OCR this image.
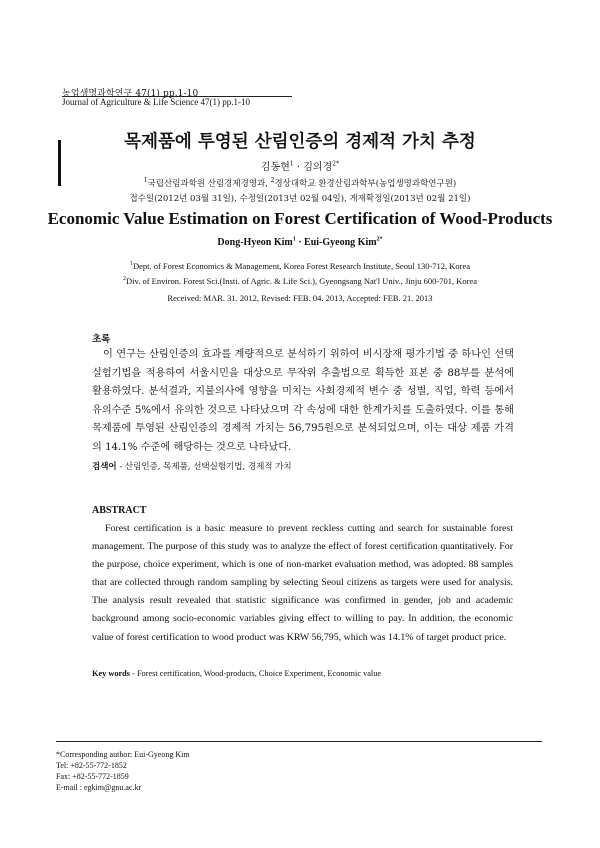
농업생명과학연구 47(1) pp.1-10
Journal of Agriculture & Life Science 47(1) pp.1-10
목제품에 투영된 산림인증의 경제적 가치 추정
김동현$^1$ · 김의경$^{2*}$
$^1$국립산림과학원 산림경제경영과, $^2$경상대학교 환경산림과학부(농업생명과학연구원)
접수일(2012년 03월 31일), 수정일(2013년 02월 04일), 게재확정일(2013년 02월 21일)
Economic Value Estimation on Forest Certification of Wood-Products
Dong-Hyeon Kim$^1$ · Eui-Gyeong Kim$^{2*}$
$^1$Dept. of Forest Economics & Management, Korea Forest Research Institute, Seoul 130-712, Korea
$^2$Div. of Environ. Forest Sci.(Insti. of Agric. & Life Sci.), Gyeongsang Nat'l Univ., Jinju 600-701, Korea
Received: MAR. 31. 2012, Revised: FEB. 04. 2013, Accepted: FEB. 21. 2013
초록
이 연구는 산림인증의 효과를 계량적으로 분석하기 위하여 비시장재 평가기법 중 하나인 선택실험기법을 적용하여 서울시민을 대상으로 무작위 추출법으로 획득한 표본 중 88부를 분석에 활용하였다. 분석결과, 지불의사에 영향을 미치는 사회경제적 변수 중 성별, 직업, 학력 등에서 유의수준 5%에서 유의한 것으로 나타났으며 각 속성에 대한 한계가치를 도출하였다. 이를 통해 목제품에 투영된 산림인증의 경제적 가치는 56,795원으로 분석되었으며, 이는 대상 제품 가격의 14.1% 수준에 해당하는 것으로 나타났다.
검색어 - 산림인증, 목제품, 선택실험기법, 경제적 가치
ABSTRACT
Forest certification is a basic measure to prevent reckless cutting and search for sustainable forest management. The purpose of this study was to analyze the effect of forest certification quantitatively. For the purpose, choice experiment, which is one of non-market evaluation method, was adopted. 88 samples that are collected through random sampling by selecting Seoul citizens as targets were used for analysis. The analysis result revealed that statistic significance was confirmed in gender, job and academic background among socio-economic variables giving effect to willing to pay. In addition, the economic value of forest certification to wood product was KRW 56,795, which was 14.1% of target product price.
Key words - Forest certification, Wood-products, Choice Experiment, Economic value
*Corresponding author: Eui-Gyeong Kim
Tel: +82-55-772-1852
Fax: +82-55-772-1859
E-mail : egkim@gnu.ac.kr
